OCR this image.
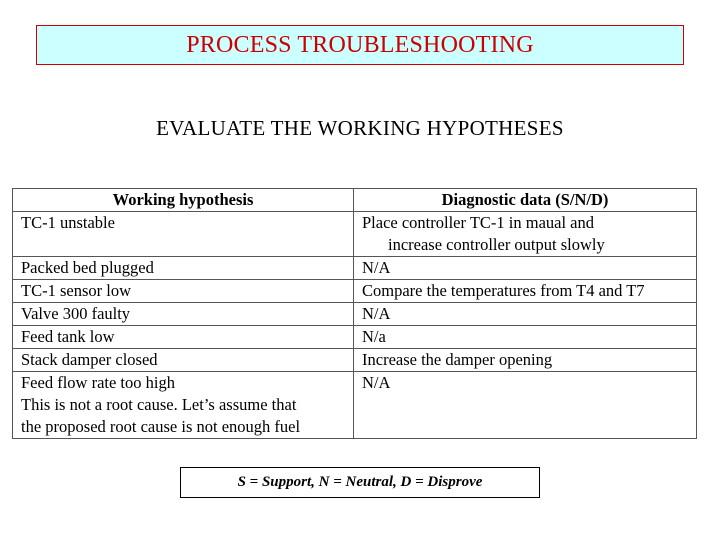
PROCESS TROUBLESHOOTING
EVALUATE THE WORKING HYPOTHESES
Working hypothesis	Diagnostic data (S/N/D)

TC-1 unstable	Place controller TC-1 in maual and
increase controller output slowly

Packed bed plugged	N/A

TC-1 sensor low	Compare the temperatures from T4 and T7

Valve 300 faulty	N/A

Feed tank low	N/a

Stack damper closed	Increase the damper opening

Feed flow rate too high
This is not a root cause. Let’s assume that
the proposed root cause is not enough fuel	N/A
S = Support, N = Neutral, D = Disprove
